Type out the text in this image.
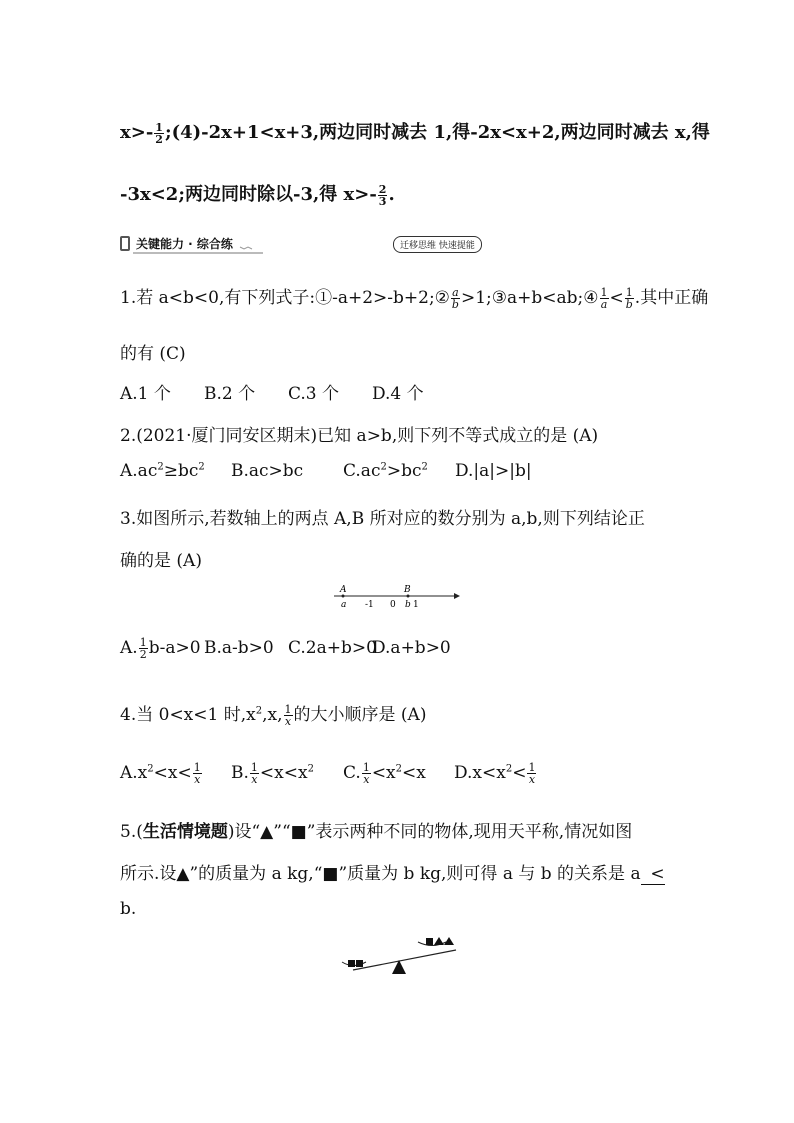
$x>- \frac{1}{2}$ ;(4)-2x+1<x+3,两边同时减去 1,得-2x<x+2,两边同时减去 x,得
-3x<2;两边同时除以-3,得 $x>- \frac{2}{3}$ .
关键能力 · 综合练	迁移思维 快速提能
1.若 a<b<0,有下列式子:①-a+2>-b+2;② $\frac{a}{b}$ >1;③a+b<ab;④ $\frac{1}{a} < \frac{1}{b}$ .其中正确
的有 (C)
A.1 个 B.2 个 C.3 个 D.4 个
2.(2021·厦门同安区期末)已知 a>b,则下列不等式成立的是 (A)
$A.ac^2\ge bc^2$ B.ac>bc $C.ac^2>bc^2$ D.|a|>|b|
3.如图所示,若数轴上的两点 A,B 所对应的数分别为 a,b,则下列结论正
确的是 (A)
A
a -1 0
B
b 1
A. $\frac{1}{2} b-a>0$ B.a-b>0 C.2a+b>0D.a+b>0
4.当 0<x<1 时$,x^2,x$, $\frac{1}{x}$ 的大小顺序是 (A)
$A.x^2<x< \frac{1}{x} B$. $\frac{1}{x} <x<x^2$ C. $\frac{1}{x} <x^2<x$ $D.x<x^2< \frac{1}{x}$
5.(生活情境题)设“▲”“■”表示两种不同的物体,现用天平称,情况如图
所示.设▲”的质量为 a kg,“■”质量为 b kg,则可得 a 与 b 的关系是 a <
b.
